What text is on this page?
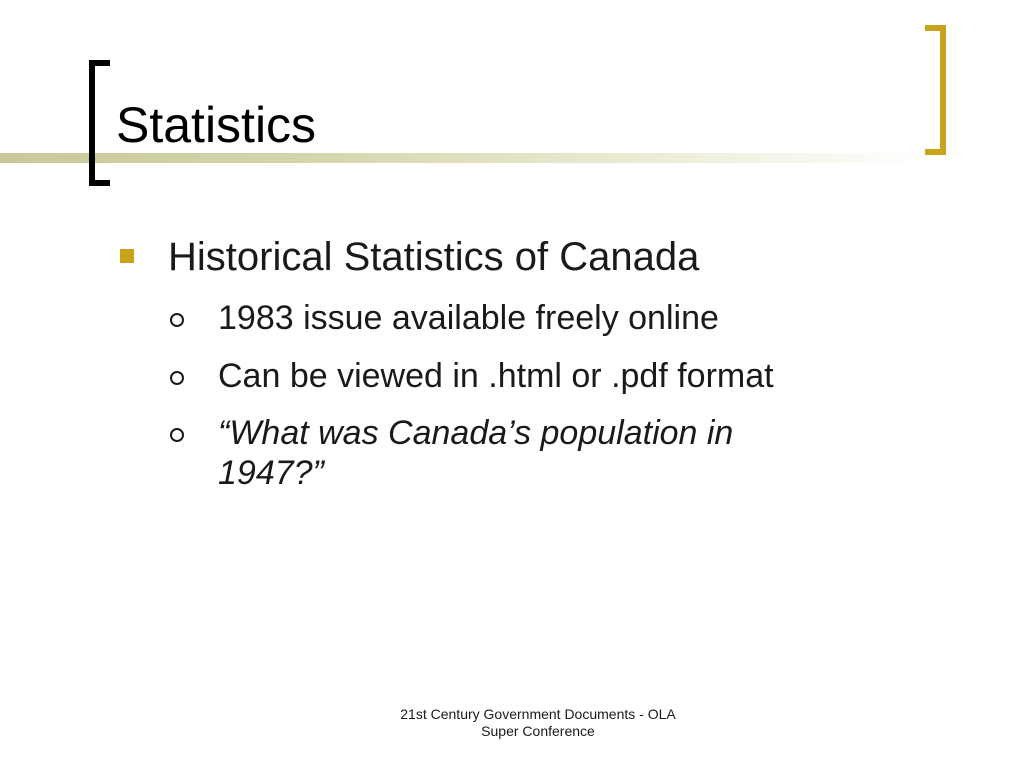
Statistics
Historical Statistics of Canada
1983 issue available freely online
Can be viewed in .html or .pdf format
“What was Canada’s population in 1947?”
21st Century Government Documents - OLA
Super Conference
